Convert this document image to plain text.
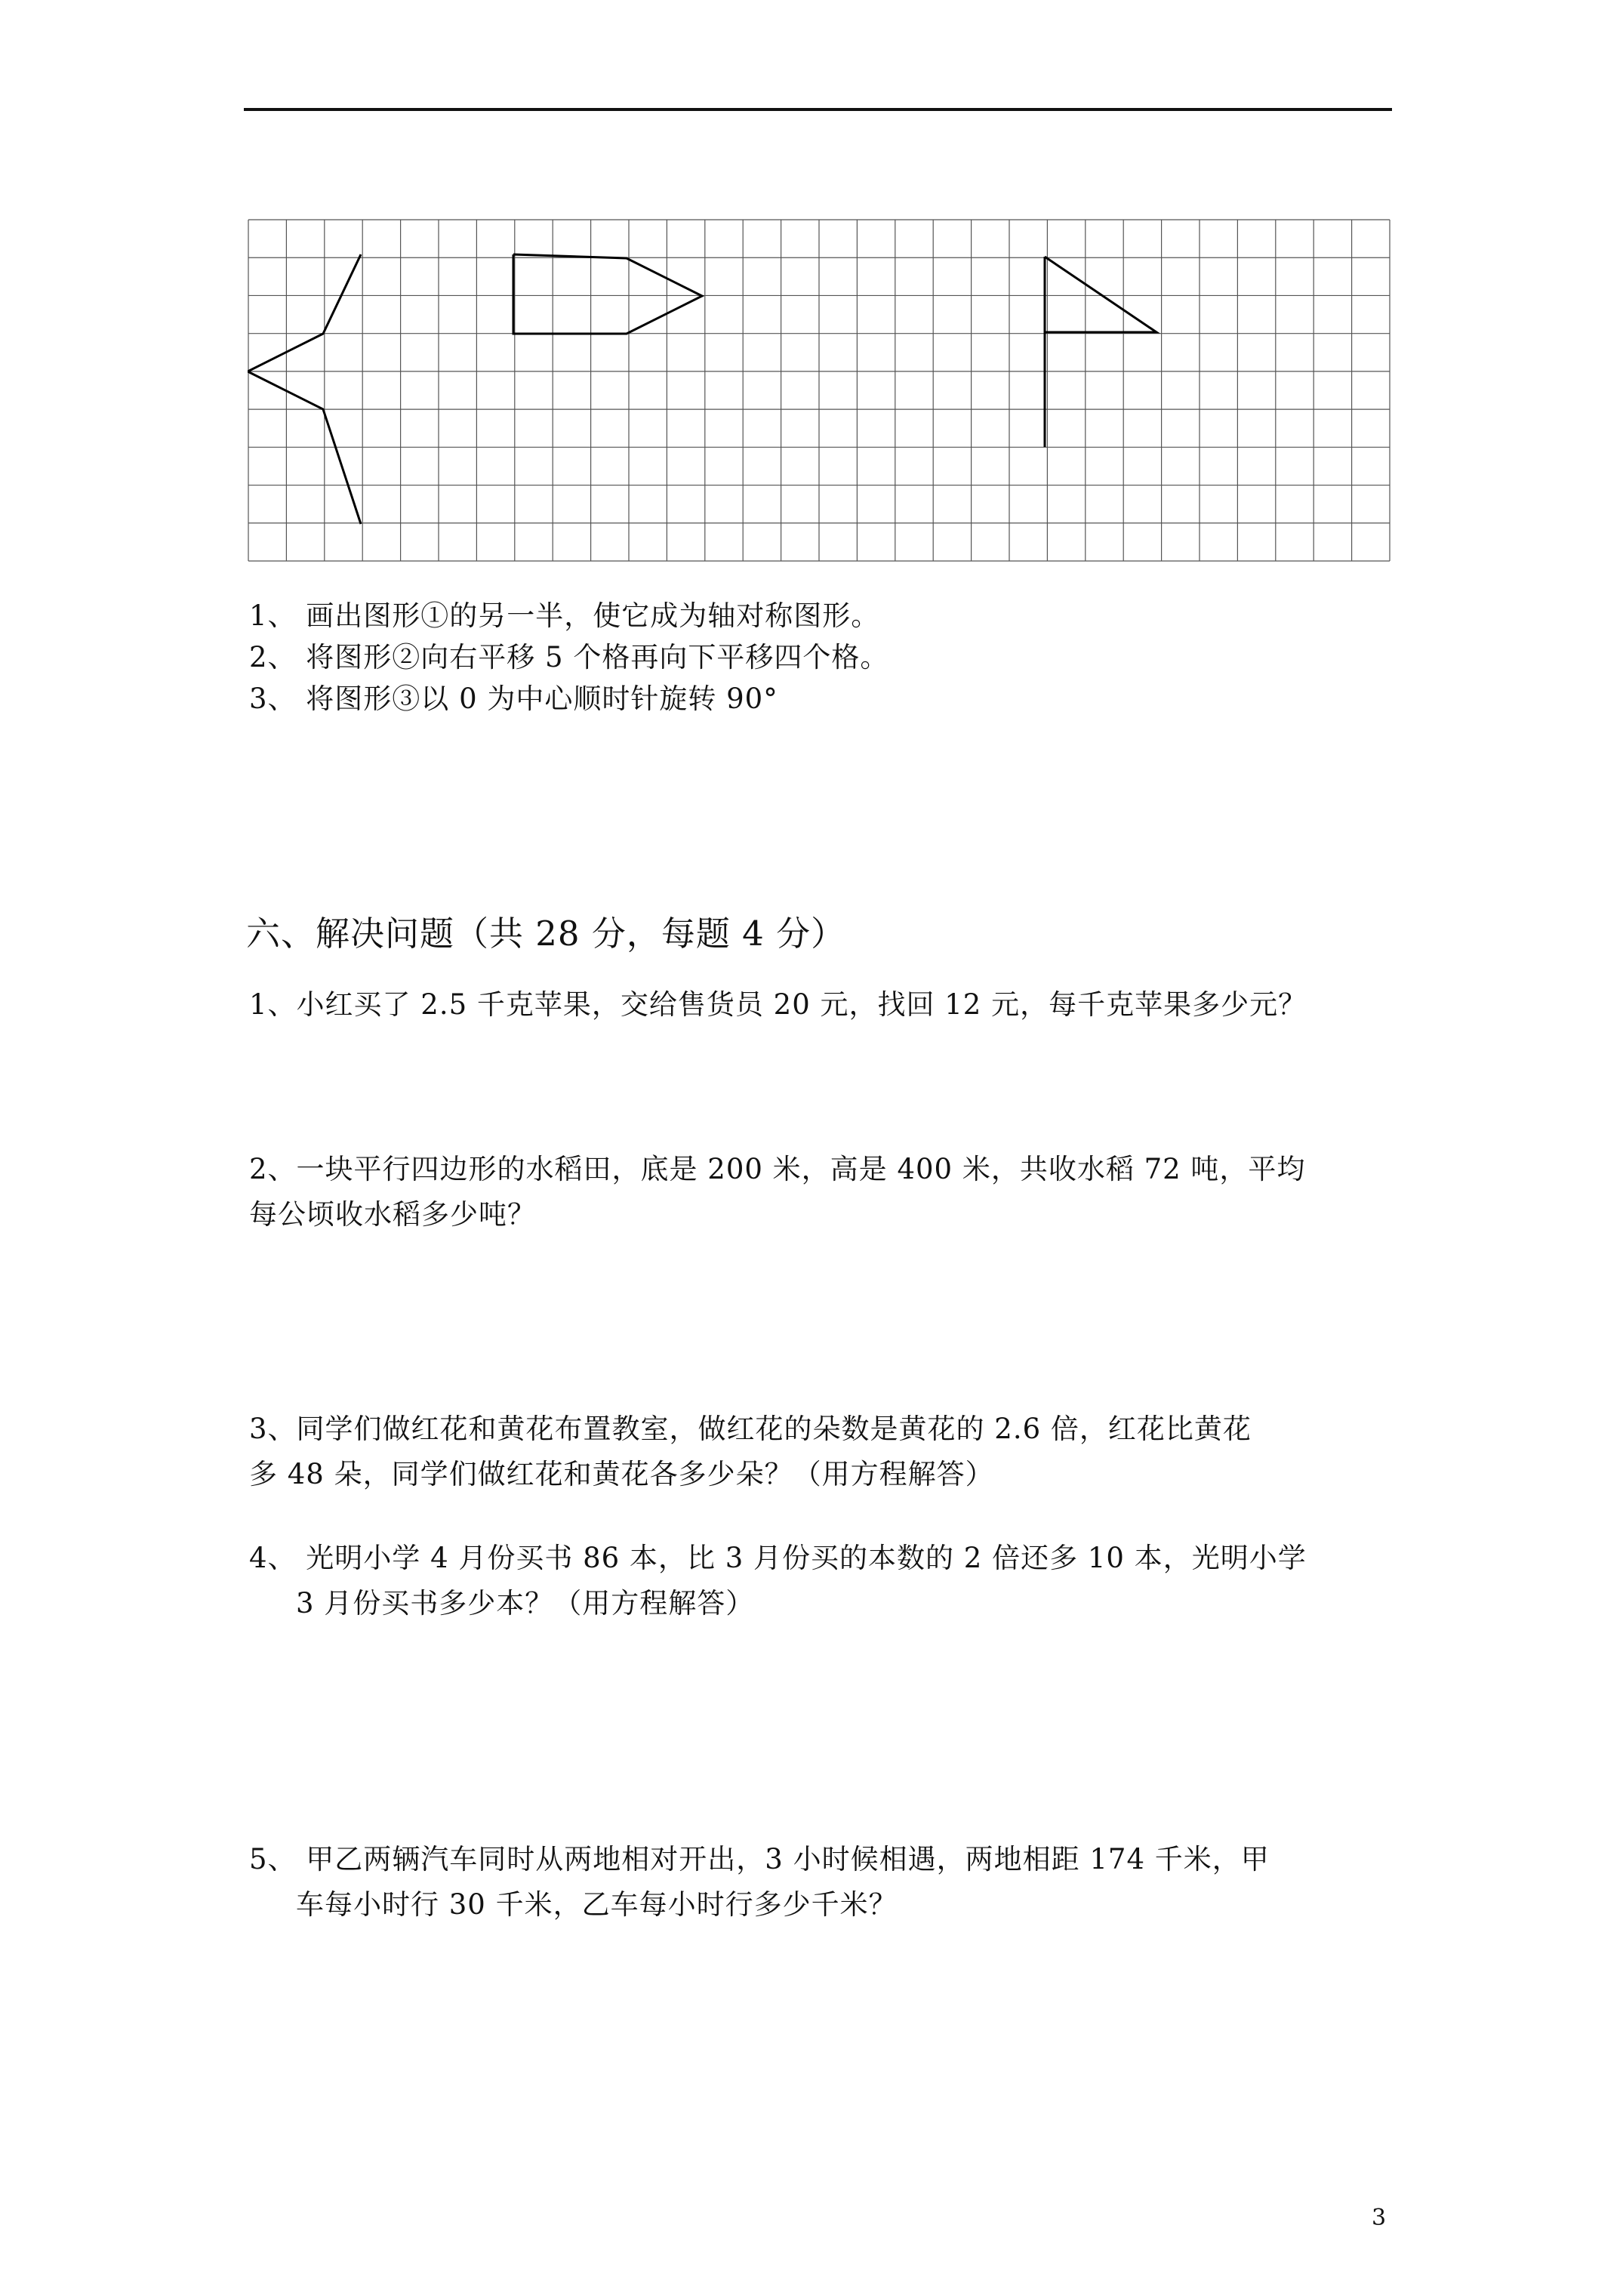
1、 画出图形①的另一半，使它成为轴对称图形。
2、 将图形②向右平移 5 个格再向下平移四个格。
3、 将图形③以 0 为中心顺时针旋转 90°
六、解决问题（共 28 分，每题 4 分）
1、小红买了 2.5 千克苹果，交给售货员 20 元，找回 12 元，每千克苹果多少元？
2、一块平行四边形的水稻田，底是 200 米，高是 400 米，共收水稻 72 吨，平均
每公顷收水稻多少吨？
3、同学们做红花和黄花布置教室，做红花的朵数是黄花的 2.6 倍，红花比黄花
多 48 朵，同学们做红花和黄花各多少朵？（用方程解答）
4、 光明小学 4 月份买书 86 本，比 3 月份买的本数的 2 倍还多 10 本，光明小学
3 月份买书多少本？（用方程解答）
5、 甲乙两辆汽车同时从两地相对开出，3 小时候相遇，两地相距 174 千米，甲
车每小时行 30 千米，乙车每小时行多少千米？
3
